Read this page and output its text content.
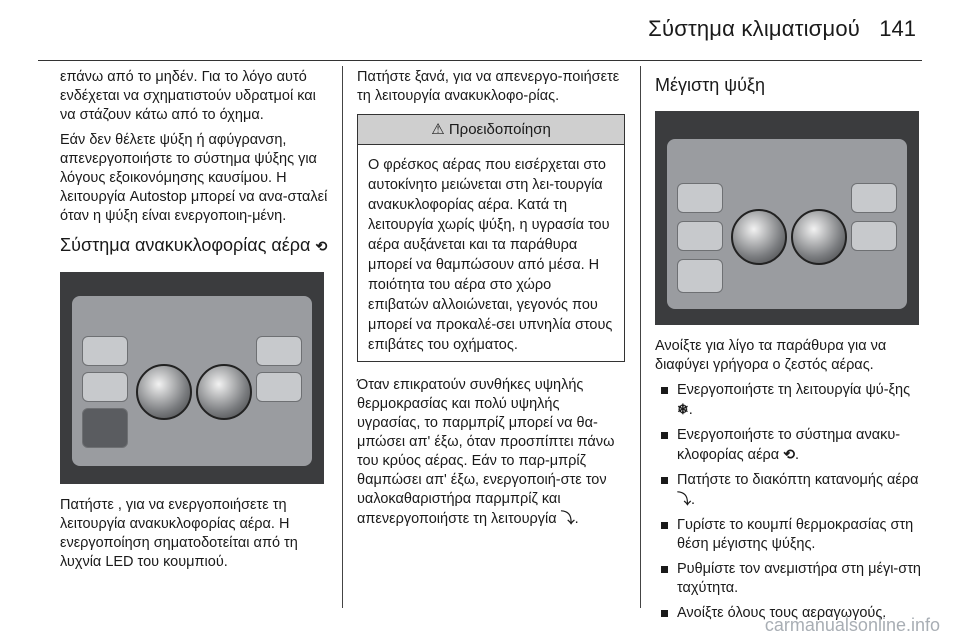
Σύστημα κλιματισμού 141

επάνω από το μηδέν. Για το λόγο αυτό ενδέχεται να σχηματιστούν υδρατμοί και να στάζουν κάτω από το όχημα.

Εάν δεν θέλετε ψύξη ή αφύγρανση, απενεργοποιήστε το σύστημα ψύξης για λόγους εξοικονόμησης καυσίμου. Η λειτουργία Autostop μπορεί να ανα-σταλεί όταν η ψύξη είναι ενεργοποιη-μένη.

Σύστημα ανακυκλοφορίας αέρα ⟲

Πατήστε , για να ενεργοποιήσετε τη λειτουργία ανακυκλοφορίας αέρα. Η ενεργοποίηση σηματοδοτείται από τη λυχνία LED του κουμπιού.

Πατήστε ξανά, για να απενεργο-ποιήσετε τη λειτουργία ανακυκλοφο-ρίας.

⚠ Προειδοποίηση
Ο φρέσκος αέρας που εισέρχεται στο αυτοκίνητο μειώνεται στη λει-τουργία ανακυκλοφορίας αέρα. Κατά τη λειτουργία χωρίς ψύξη, η υγρασία του αέρα αυξάνεται και τα παράθυρα μπορεί να θαμπώσουν από μέσα. Η ποιότητα του αέρα στο χώρο επιβατών αλλοιώνεται, γεγονός που μπορεί να προκαλέ-σει υπνηλία στους επιβάτες του οχήματος.

Όταν επικρατούν συνθήκες υψηλής θερμοκρασίας και πολύ υψηλής υγρασίας, το παρμπρίζ μπορεί να θα-μπώσει απ' έξω, όταν προσπίπτει πάνω του κρύος αέρας. Εάν το παρ-μπρίζ θαμπώσει απ' έξω, ενεργοποιή-στε τον υαλοκαθαριστήρα παρμπρίζ και απενεργοποιήστε τη λειτουργία ⤵.

Μέγιστη ψύξη

Ανοίξτε για λίγο τα παράθυρα για να διαφύγει γρήγορα ο ζεστός αέρας.

Ενεργοποιήστε τη λειτουργία ψύ-ξης ❄.
Ενεργοποιήστε το σύστημα ανακυ-κλοφορίας αέρα ⟲.
Πατήστε το διακόπτη κατανομής αέρα ⤵.
Γυρίστε το κουμπί θερμοκρασίας στη θέση μέγιστης ψύξης.
Ρυθμίστε τον ανεμιστήρα στη μέγι-στη ταχύτητα.
Ανοίξτε όλους τους αεραγωγούς.
carmanualsonline.info
